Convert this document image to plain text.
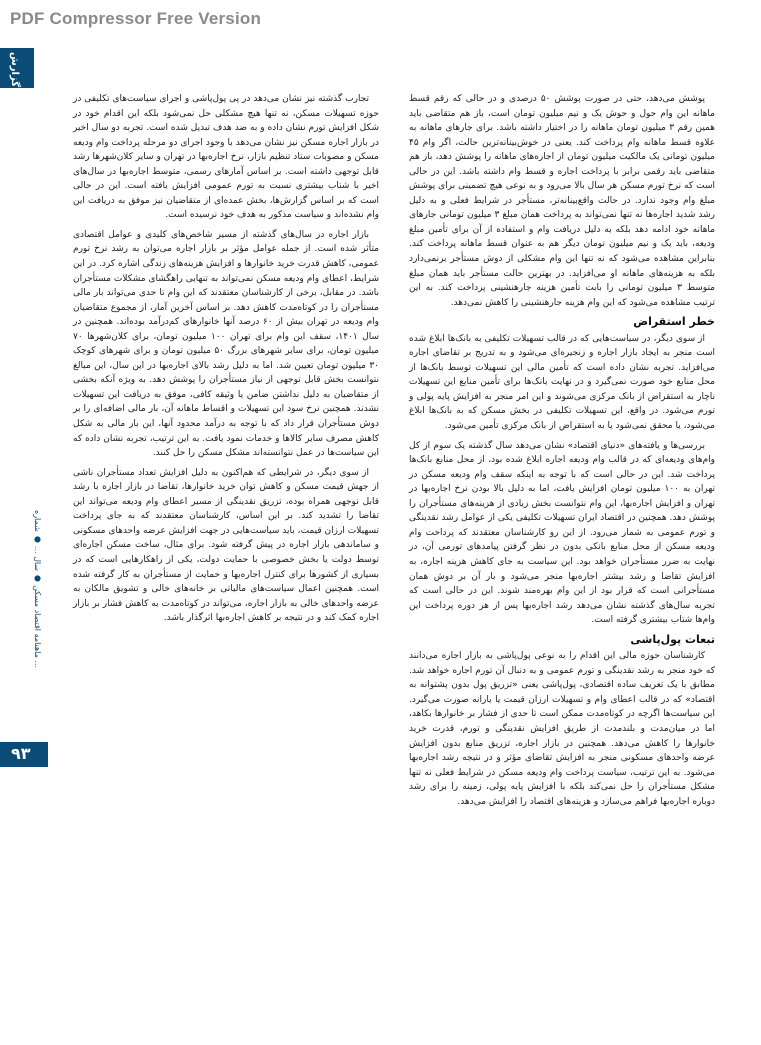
PDF Compressor Free Version
گزارش
ماهنامه اقتصاد مسکن ● سال ... ● شماره ...
۹۳

پوشش می‌دهد، حتی در صورت پوشش ۵۰ درصدی و در حالی که رقم قسط ماهانه این وام حول و حوش یک و نیم میلیون تومان است، باز هم متقاضی باید همین رقم ۳ میلیون تومان ماهانه را در اختیار داشته باشد. برای جارهای ماهانه به علاوه قسط ماهانه وام پرداخت کند. یعنی در خوش‌بینانه‌ترین حالت، اگر وام ۴۵ میلیون تومانی یک مالکیت میلیون تومان از اجاره‌های ماهانه را پوشش دهد، باز هم متقاضی باید رقمی برابر با پرداخت اجاره و قسط وام داشته باشد. این در حالی است که نرخ تورم مسکن هر سال بالا می‌رود و به نوعی هیچ تضمینی برای پوشش مبلغ وام وجود ندارد. در حالت واقع‌بینانه‌تر، مستأجر در شرایط فعلی و به دلیل رشد شدید اجاره‌ها نه تنها نمی‌تواند به پرداخت همان مبلغ ۳ میلیون تومانی جارهای ماهانه خود ادامه دهد بلکه به دلیل دریافت وام و استفاده از آن برای تأمین مبلغ ودیعه، باید یک و نیم میلیون تومان دیگر هم به عنوان قسط ماهانه پرداخت کند. بنابراین مشاهده می‌شود که نه تنها این وام مشکلی از دوش مستأجر برنمی‌دارد بلکه به هزینه‌های ماهانه او می‌افزاید. در بهترین حالت مستأجر باید همان مبلغ متوسط ۳ میلیون تومانی را بابت تأمین هزینه جارهنشینی پرداخت کند. به این ترتیب مشاهده می‌شود که این وام هزینه جارهنشینی را کاهش نمی‌دهد.

خطر استقراض

از سوی دیگر، در سیاست‌هایی که در قالب تسهیلات تکلیفی به بانک‌ها ابلاغ شده است منجر به ایجاد بازار اجاره و زنجیره‌ای می‌شود و به تدریج بر تقاضای اجاره می‌افزاید. تجربه نشان داده است که تأمین مالی این تسهیلات توسط بانک‌ها از محل منابع خود صورت نمی‌گیرد و در نهایت بانک‌ها برای تأمین منابع این تسهیلات ناچار به استقراض از بانک مرکزی می‌شوند و این امر منجر به افزایش پایه پولی و تورم می‌شود. در واقع، این تسهیلات تکلیفی در بخش مسکن که به بانک‌ها ابلاغ می‌شود، یا محقق نمی‌شود یا به استقراض از بانک مرکزی تأمین می‌شود.

بررسی‌ها و یافته‌های «دنیای اقتصاد» نشان می‌دهد سال گذشته یک سوم از کل وام‌های ودیعه‌ای که در قالب وام ودیعه اجاره ابلاغ شده بود، از محل منابع بانک‌ها پرداخت شد. این در حالی است که با توجه به اینکه سقف وام ودیعه مسکن در تهران به ۱۰۰ میلیون تومان افزایش یافت، اما به دلیل بالا بودن نرخ اجاره‌بها در تهران و افزایش اجاره‌بها، این وام نتوانست بخش زیادی از هزینه‌های مستأجران را پوشش دهد. همچنین در اقتصاد ایران تسهیلات تکلیفی یکی از عوامل رشد نقدینگی و تورم عمومی به شمار می‌رود. از این رو کارشناسان معتقدند که پرداخت وام ودیعه مسکن از محل منابع بانکی بدون در نظر گرفتن پیامدهای تورمی آن، در نهایت به ضرر مستأجران خواهد بود. این سیاست به جای کاهش هزینه اجاره، به افزایش تقاضا و رشد بیشتر اجاره‌بها منجر می‌شود و بار آن بر دوش همان مستأجرانی است که قرار بود از این وام بهره‌مند شوند. این در حالی است که تجربه سال‌های گذشته نشان می‌دهد رشد اجاره‌بها پس از هر دوره پرداخت این وام‌ها شتاب بیشتری گرفته است.

تبعات پول‌پاشی

کارشناسان حوزه مالی این اقدام را به نوعی پول‌پاشی به بازار اجاره می‌دانند که خود منجر به رشد نقدینگی و تورم عمومی و به دنبال آن تورم اجاره خواهد شد. مطابق با یک تعریف ساده اقتصادی، پول‌پاشی یعنی «تزریق پول بدون پشتوانه به اقتصاد» که در قالب اعطای وام و تسهیلات ارزان قیمت یا یارانه صورت می‌گیرد. این سیاست‌ها اگرچه در کوتاه‌مدت ممکن است تا حدی از فشار بر خانوارها بکاهد، اما در میان‌مدت و بلندمدت از طریق افزایش نقدینگی و تورم، قدرت خرید خانوارها را کاهش می‌دهد. همچنین در بازار اجاره، تزریق منابع بدون افزایش عرضه واحدهای مسکونی منجر به افزایش تقاضای مؤثر و در نتیجه رشد اجاره‌بها می‌شود. به این ترتیب، سیاست پرداخت وام ودیعه مسکن در شرایط فعلی نه تنها مشکل مستأجران را حل نمی‌کند بلکه با افزایش پایه پولی، زمینه را برای رشد دوباره اجاره‌بها فراهم می‌سازد و هزینه‌های اقتصاد را افزایش می‌دهد.

تجارب گذشته نیز نشان می‌دهد در پی پول‌پاشی و اجرای سیاست‌های تکلیفی در حوزه تسهیلات مسکن، نه تنها هیچ‌ مشکلی حل نمی‌شود بلکه این اقدام خود در شکل افزایش تورم نشان داده و به ضد هدف تبدیل شده است. تجربه دو سال اخیر در بازار اجاره مسکن نیز نشان می‌دهد با وجود اجرای دو مرحله پرداخت وام ودیعه مسکن و مصوبات ستاد تنظیم بازار، نرخ اجاره‌بها در تهران و سایر کلان‌شهرها رشد قابل توجهی داشته است. بر اساس آمارهای رسمی، متوسط اجاره‌بها در سال‌های اخیر با شتاب بیشتری نسبت به تورم عمومی افزایش یافته است. این در حالی است که بر اساس گزارش‌ها، بخش عمده‌ای از متقاضیان نیز موفق به دریافت این وام نشده‌اند و سیاست مذکور به هدف خود نرسیده است.

بازار اجاره در سال‌های گذشته از مسیر شاخص‌های کلیدی و عوامل اقتصادی متأثر شده است. از جمله عوامل مؤثر بر بازار اجاره می‌توان به رشد نرخ تورم عمومی، کاهش قدرت خرید خانوارها و افزایش هزینه‌های زندگی اشاره کرد. در این شرایط، اعطای وام ودیعه مسکن نمی‌تواند به تنهایی راهگشای مشکلات مستأجران باشد. در مقابل، برخی از کارشناسان معتقدند که این وام تا حدی می‌تواند بار مالی مستأجران را در کوتاه‌مدت کاهش دهد. بر اساس آخرین آمار، از مجموع متقاضیان وام ودیعه در تهران بیش از ۶۰ درصد آنها خانوارهای کم‌درآمد بوده‌اند. همچنین در سال ۱۴۰۱، سقف این وام برای تهران ۱۰۰ میلیون تومان، برای کلان‌شهرها ۷۰ میلیون تومان، برای سایر شهرهای بزرگ ۵۰ میلیون تومان و برای شهرهای کوچک ۳۰ میلیون تومان تعیین شد. اما به دلیل رشد بالای اجاره‌بها در این سال، این مبالغ نتوانست بخش قابل توجهی از نیاز مستأجران را پوشش دهد. به ویژه آنکه بخشی از متقاضیان به دلیل نداشتن ضامن یا وثیقه کافی، موفق به دریافت این تسهیلات نشدند. همچنین نرخ سود این تسهیلات و اقساط ماهانه آن، بار مالی اضافه‌ای را بر دوش مستأجران قرار داد که با توجه به درآمد محدود آنها، این بار مالی به شکل کاهش مصرف سایر کالاها و خدمات نمود یافت. به این ترتیب، تجربه نشان داده که این سیاست‌ها در عمل نتوانسته‌اند مشکل مسکن را حل کنند.

از سوی دیگر، در شرایطی که هم‌اکنون به دلیل افزایش تعداد مستأجران ناشی از جهش قیمت مسکن و کاهش توان خرید خانوارها، تقاضا در بازار اجاره با رشد قابل توجهی همراه بوده، تزریق نقدینگی از مسیر اعطای وام ودیعه می‌تواند این تقاضا را تشدید کند. بر این اساس، کارشناسان معتقدند که به جای پرداخت تسهیلات ارزان قیمت، باید سیاست‌هایی در جهت افزایش عرضه واحدهای مسکونی و ساماندهی بازار اجاره در پیش گرفته شود. برای مثال، ساخت مسکن اجاره‌ای توسط دولت یا بخش خصوصی با حمایت دولت، یکی از راهکارهایی است که در بسیاری از کشورها برای کنترل اجاره‌بها و حمایت از مستأجران به کار گرفته شده است. همچنین اعمال سیاست‌های مالیاتی بر خانه‌های خالی و تشویق مالکان به عرضه واحدهای خالی به بازار اجاره، می‌تواند در کوتاه‌مدت به کاهش فشار بر بازار اجاره کمک کند و در نتیجه بر کاهش اجاره‌بها اثرگذار باشد.
